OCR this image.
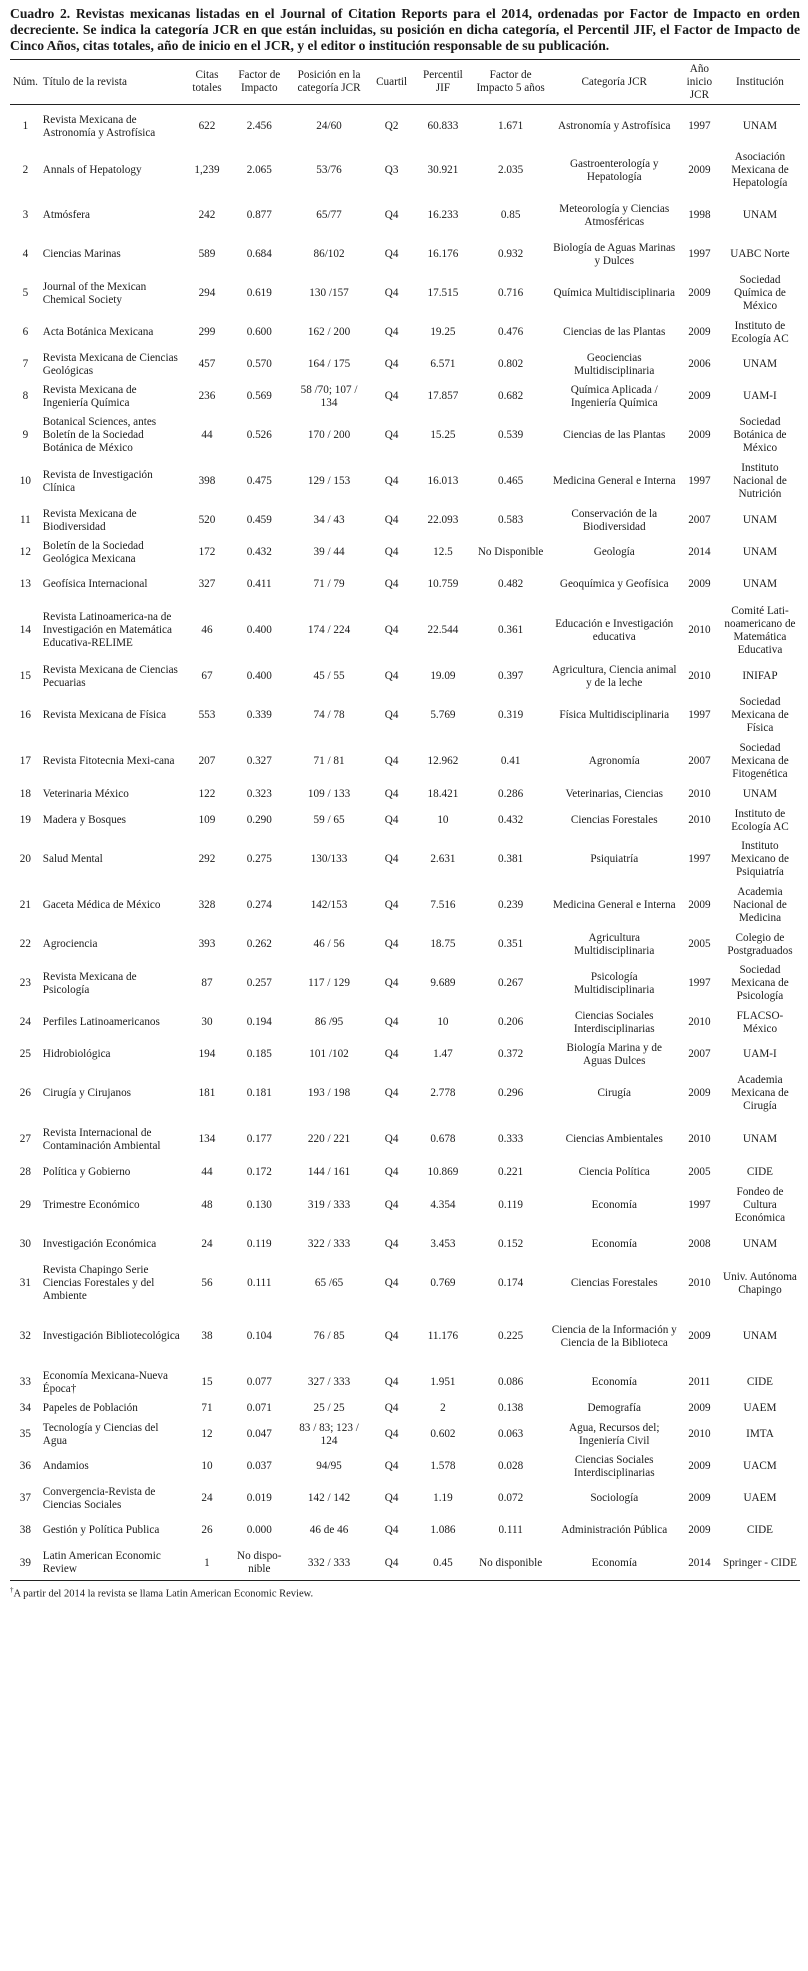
Cuadro 2. Revistas mexicanas listadas en el Journal of Citation Reports para el 2014, ordenadas por Factor de Impacto en orden decreciente. Se indica la categoría JCR en que están incluidas, su posición en dicha categoría, el Percentil JIF, el Factor de Impacto de Cinco Años, citas totales, año de inicio en el JCR, y el editor o institución responsable de su publicación.

Núm.	Título de la revista	Citas totales	Factor de Impacto	Posición en la categoría JCR	Cuartil	Percentil JIF	Factor de Impacto 5 años	Categoría JCR	Año inicio JCR	Institución
1	Revista Mexicana de Astronomía y Astrofísica	622	2.456	24/60	Q2	60.833	1.671	Astronomía y Astrofísica	1997	UNAM
2	Annals of Hepatology	1,239	2.065	53/76	Q3	30.921	2.035	Gastroenterología y Hepatología	2009	Asociación Mexicana de Hepatología
3	Atmósfera	242	0.877	65/77	Q4	16.233	0.85	Meteorología y Ciencias Atmosféricas	1998	UNAM
4	Ciencias Marinas	589	0.684	86/102	Q4	16.176	0.932	Biología de Aguas Marinas y Dulces	1997	UABC Norte
5	Journal of the Mexican Chemical Society	294	0.619	130 /157	Q4	17.515	0.716	Química Multidisciplinaria	2009	Sociedad Química de México
6	Acta Botánica Mexicana	299	0.600	162 / 200	Q4	19.25	0.476	Ciencias de las Plantas	2009	Instituto de Ecología AC
7	Revista Mexicana de Ciencias Geológicas	457	0.570	164 / 175	Q4	6.571	0.802	Geociencias Multidisciplinaria	2006	UNAM
8	Revista Mexicana de Ingeniería Química	236	0.569	58 /70; 107 / 134	Q4	17.857	0.682	Química Aplicada / Ingeniería Química	2009	UAM-I
9	Botanical Sciences, antes Boletín de la Sociedad Botánica de México	44	0.526	170 / 200	Q4	15.25	0.539	Ciencias de las Plantas	2009	Sociedad Botánica de México
10	Revista de Investigación Clínica	398	0.475	129 / 153	Q4	16.013	0.465	Medicina General e Interna	1997	Instituto Nacional de Nutrición
11	Revista Mexicana de Biodiversidad	520	0.459	34 / 43	Q4	22.093	0.583	Conservación de la Biodiversidad	2007	UNAM
12	Boletín de la Sociedad Geológica Mexicana	172	0.432	39 / 44	Q4	12.5	No Disponible	Geología	2014	UNAM
13	Geofísica Internacional	327	0.411	71 / 79	Q4	10.759	0.482	Geoquímica y Geofísica	2009	UNAM
14	Revista Latinoamerica-na de Investigación en Matemática Educativa-RELIME	46	0.400	174 / 224	Q4	22.544	0.361	Educación e Investigación educativa	2010	Comité Lati-noamericano de Matemática Educativa
15	Revista Mexicana de Ciencias Pecuarias	67	0.400	45 / 55	Q4	19.09	0.397	Agricultura, Ciencia animal y de la leche	2010	INIFAP
16	Revista Mexicana de Física	553	0.339	74 / 78	Q4	5.769	0.319	Física Multidisciplinaria	1997	Sociedad Mexicana de Física
17	Revista Fitotecnia Mexi-cana	207	0.327	71 / 81	Q4	12.962	0.41	Agronomía	2007	Sociedad Mexicana de Fitogenética
18	Veterinaria México	122	0.323	109 / 133	Q4	18.421	0.286	Veterinarias, Ciencias	2010	UNAM
19	Madera y Bosques	109	0.290	59 / 65	Q4	10	0.432	Ciencias Forestales	2010	Instituto de Ecología AC
20	Salud Mental	292	0.275	130/133	Q4	2.631	0.381	Psiquiatría	1997	Instituto Mexicano de Psiquiatría
21	Gaceta Médica de México	328	0.274	142/153	Q4	7.516	0.239	Medicina General e Interna	2009	Academia Nacional de Medicina
22	Agrociencia	393	0.262	46 / 56	Q4	18.75	0.351	Agricultura Multidisciplinaria	2005	Colegio de Postgraduados
23	Revista Mexicana de Psicología	87	0.257	117 / 129	Q4	9.689	0.267	Psicología Multidisciplinaria	1997	Sociedad Mexicana de Psicología
24	Perfiles Latinoamericanos	30	0.194	86 /95	Q4	10	0.206	Ciencias Sociales Interdisciplinarias	2010	FLACSO-México
25	Hidrobiológica	194	0.185	101 /102	Q4	1.47	0.372	Biología Marina y de Aguas Dulces	2007	UAM-I
26	Cirugía y Cirujanos	181	0.181	193 / 198	Q4	2.778	0.296	Cirugía	2009	Academia Mexicana de Cirugía
27	Revista Internacional de Contaminación Ambiental	134	0.177	220 / 221	Q4	0.678	0.333	Ciencias Ambientales	2010	UNAM
28	Política y Gobierno	44	0.172	144 / 161	Q4	10.869	0.221	Ciencia Política	2005	CIDE
29	Trimestre Económico	48	0.130	319 / 333	Q4	4.354	0.119	Economía	1997	Fondeo de Cultura Económica
30	Investigación Económica	24	0.119	322 / 333	Q4	3.453	0.152	Economía	2008	UNAM
31	Revista Chapingo Serie Ciencias Forestales y del Ambiente	56	0.111	65 /65	Q4	0.769	0.174	Ciencias Forestales	2010	Univ. Autónoma Chapingo
32	Investigación Bibliotecológica	38	0.104	76 / 85	Q4	11.176	0.225	Ciencia de la Información y Ciencia de la Biblioteca	2009	UNAM
33	Economía Mexicana-Nueva Época†	15	0.077	327 / 333	Q4	1.951	0.086	Economía	2011	CIDE
34	Papeles de Población	71	0.071	25 / 25	Q4	2	0.138	Demografía	2009	UAEM
35	Tecnología y Ciencias del Agua	12	0.047	83 / 83; 123 / 124	Q4	0.602	0.063	Agua, Recursos del; Ingeniería Civil	2010	IMTA
36	Andamios	10	0.037	94/95	Q4	1.578	0.028	Ciencias Sociales Interdisciplinarias	2009	UACM
37	Convergencia-Revista de Ciencias Sociales	24	0.019	142 / 142	Q4	1.19	0.072	Sociología	2009	UAEM
38	Gestión y Política Publica	26	0.000	46 de 46	Q4	1.086	0.111	Administración Pública	2009	CIDE
39	Latin American Economic Review	1	No dispo-nible	332 / 333	Q4	0.45	No disponible	Economía	2014	Springer - CIDE
†A partir del 2014 la revista se llama Latin American Economic Review.
